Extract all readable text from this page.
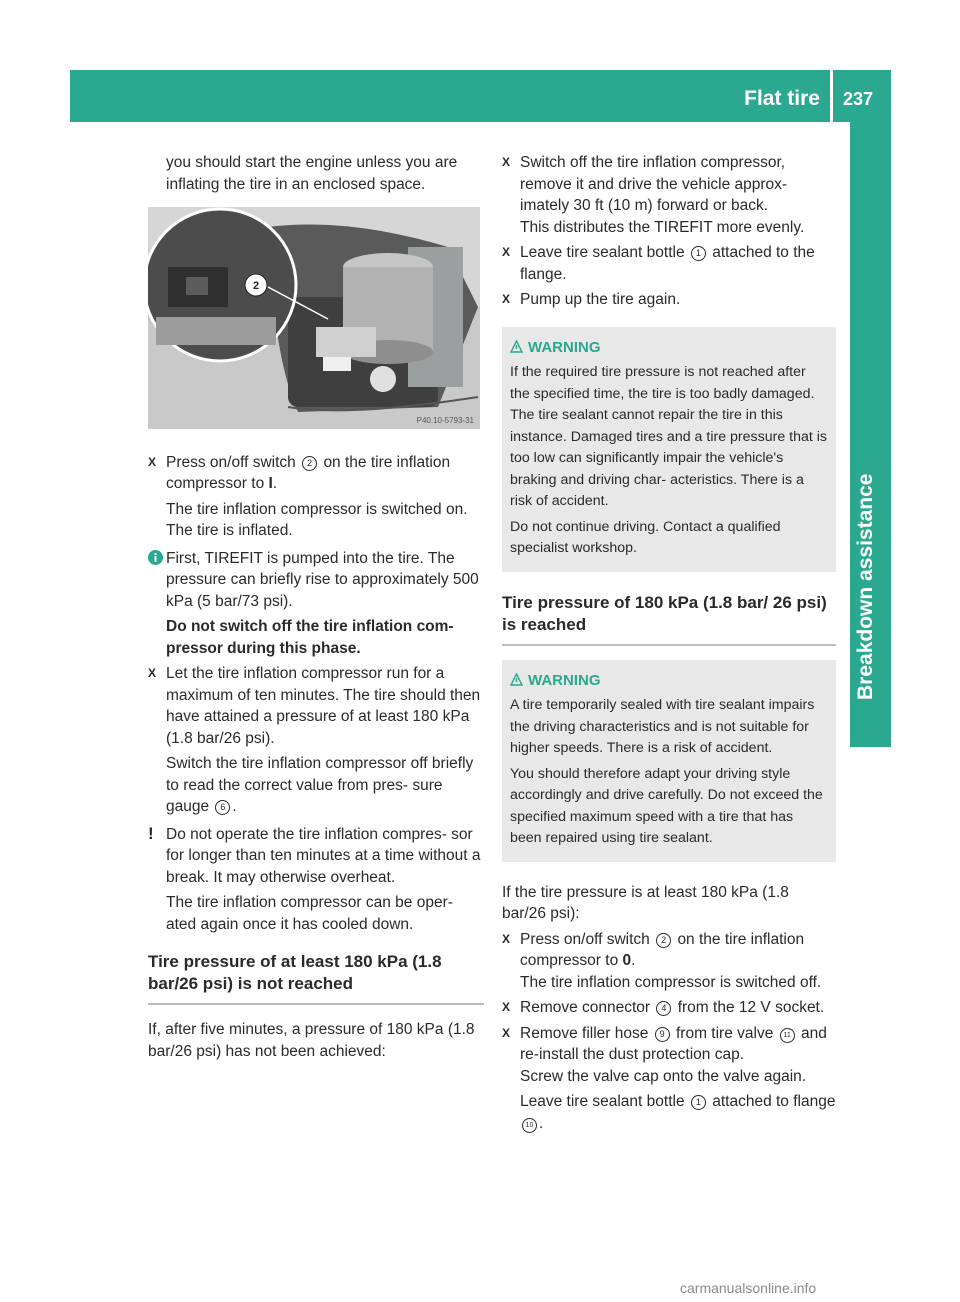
Flat tire 237

you should start the engine unless you are inflating the tire in an enclosed space.

2
P40.10-5793-31
X Press on/off switch 2 on the tire inflation compressor to I.

The tire inflation compressor is switched on. The tire is inflated.

First, TIREFIT is pumped into the tire. The pressure can briefly rise to approximately 500 kPa (5 bar/73 psi).

Do not switch off the tire inflation com- pressor during this phase.

X Let the tire inflation compressor run for a maximum of ten minutes. The tire should then have attained a pressure of at least 180 kPa (1.8 bar/26 psi).

Switch the tire inflation compressor off briefly to read the correct value from pres- sure gauge 6 .

! Do not operate the tire inflation compres- sor for longer than ten minutes at a time without a break. It may otherwise overheat.

The tire inflation compressor can be oper- ated again once it has cooled down.

Tire pressure of at least 180 kPa (1.8 bar/26 psi) is not reached

If, after five minutes, a pressure of 180 kPa (1.8 bar/26 psi) has not been achieved:

X Switch off the tire inflation compressor, remove it and drive the vehicle approx- imately 30 ft (10 m) forward or back.

This distributes the TIREFIT more evenly.

X Leave tire sealant bottle 1 attached to the flange.

X Pump up the tire again.

WARNING

If the required tire pressure is not reached after the specified time, the tire is too badly damaged. The tire sealant cannot repair the tire in this instance. Damaged tires and a tire pressure that is too low can significantly impair the vehicle's braking and driving char- acteristics. There is a risk of accident.

Do not continue driving. Contact a qualified specialist workshop.

Tire pressure of 180 kPa (1.8 bar/ 26 psi) is reached
WARNING

A tire temporarily sealed with tire sealant impairs the driving characteristics and is not suitable for higher speeds. There is a risk of accident.

You should therefore adapt your driving style accordingly and drive carefully. Do not exceed the specified maximum speed with a tire that has been repaired using tire sealant.

If the tire pressure is at least 180 kPa (1.8 bar/26 psi):

X Press on/off switch 2 on the tire inflation compressor to 0.

The tire inflation compressor is switched off.

X Remove connector 4 from the 12 V socket.

X Remove filler hose 9 from tire valve 11 and re-install the dust protection cap.

Screw the valve cap onto the valve again.

Leave tire sealant bottle 1 attached to flange 10 .

carmanualsonline.info
